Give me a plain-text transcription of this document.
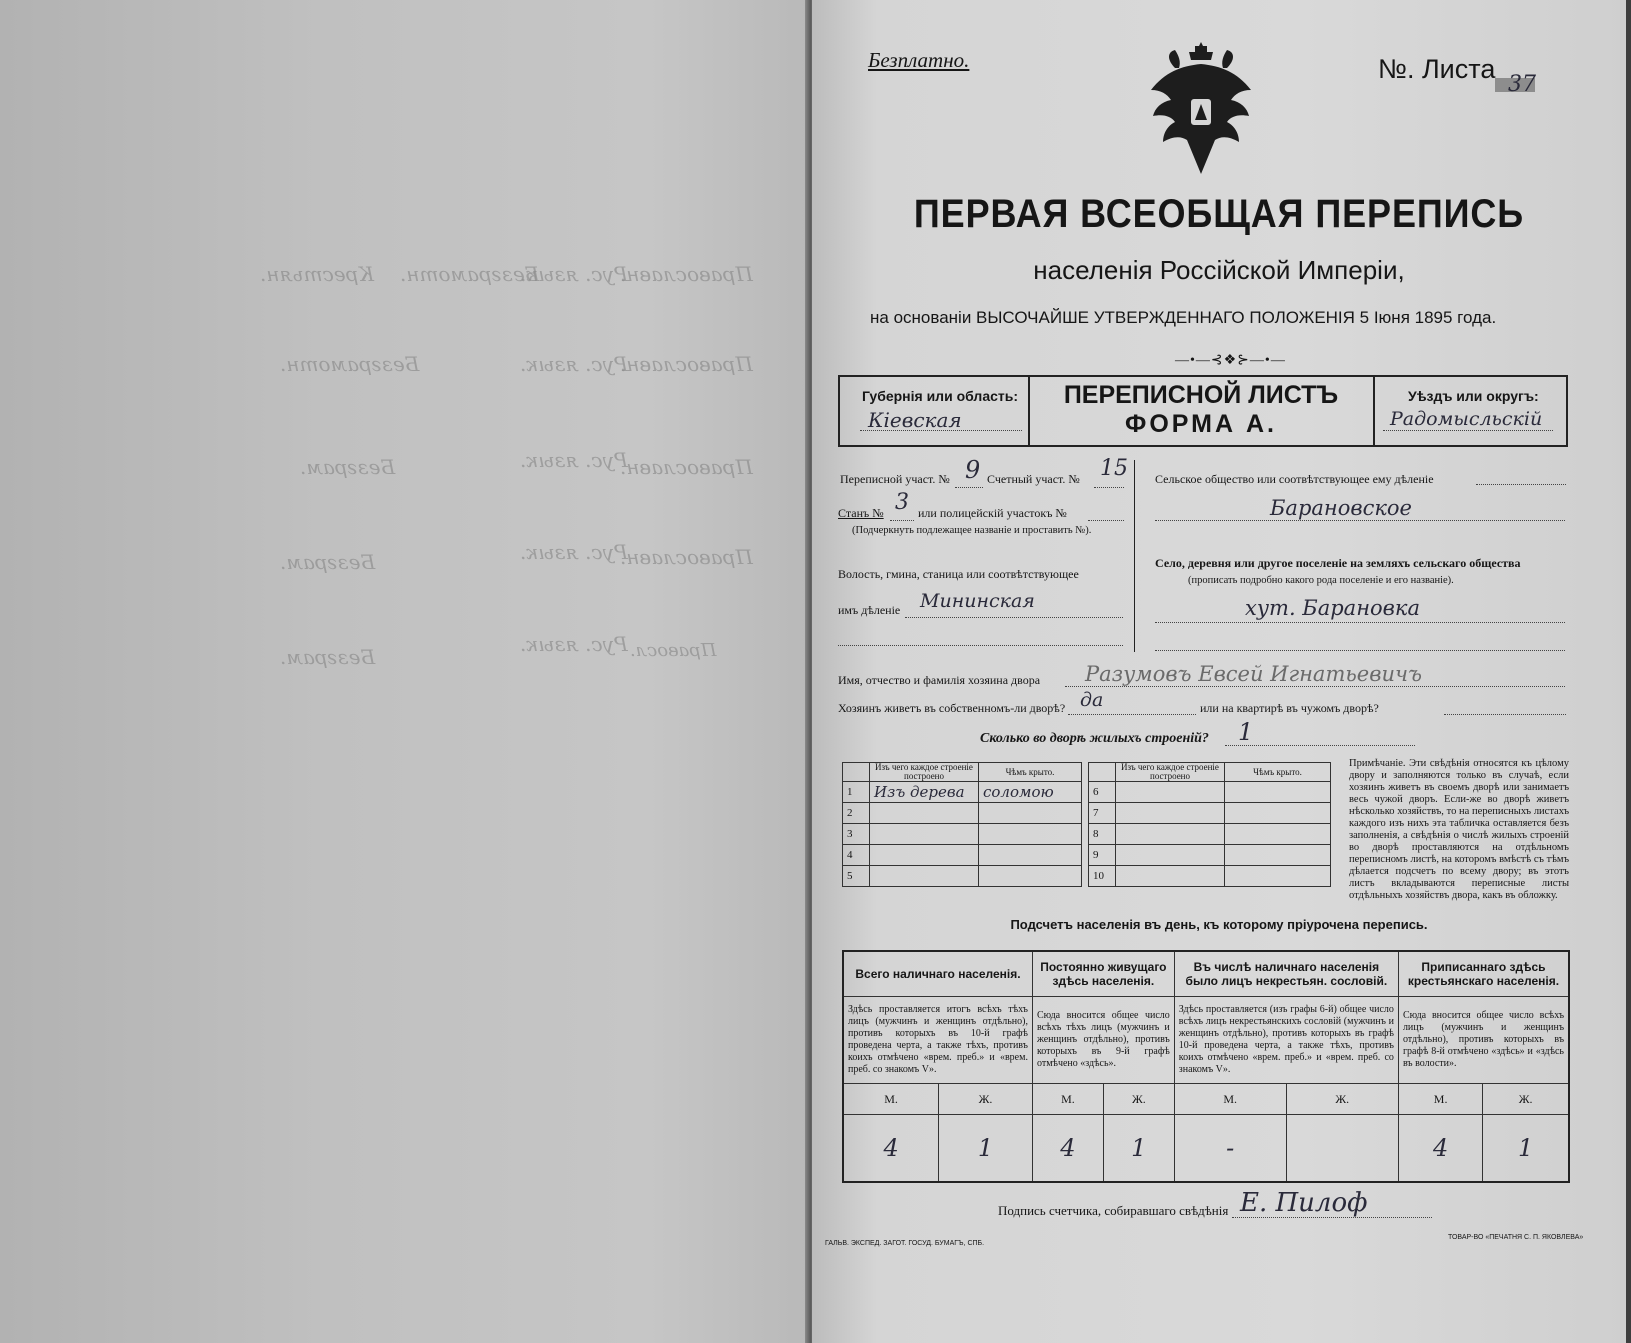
Православн.
Крестьян.	Рус. язык.
Безграмотн.
Православн.
Рус. язык.
Безграмотн.
Православн.
Рус. язык.
Безграм.
Православн.
Рус. язык.
Безграм.
Правосл.
Рус. язык.
Безграм.
Безплатно.	№. Листа
37
ПЕРВАЯ ВСЕОБЩАЯ ПЕРЕПИСЬ
населенія Россійской Имперіи,
на основаніи ВЫСОЧАЙШЕ УТВЕРЖДЕННАГО ПОЛОЖЕНІЯ 5 Іюня 1895 года.
—•—⊰❖⊱—•—
Губернія или область:
Кіевская
ПЕРЕПИСНОЙ ЛИСТЪ
ФОРМА А.
Уѣздъ или округъ:
Радомысльскій
Переписной участ. № 9 Счетный участ. № 15
Станъ № 3 или полицейскій участокъ №
(Подчеркнуть подлежащее названіе и проставить №).
Волость, гмина, станица или соотвѣтствующее
имъ дѣленіе Мининская
Сельское общество или соотвѣтствующее ему дѣленіе
Барановское
Село, деревня или другое поселеніе на земляхъ сельскаго общества
(прописать подробно какого рода поселеніе и его названіе).
хут. Барановка
Имя, отчество и фамилія хозяина двора Разумовъ Евсей Игнатьевичъ
Хозяинъ живетъ въ собственномъ-ли дворѣ? да	или на квартирѣ въ чужомъ дворѣ?
Сколько во дворѣ жилыхъ строеній? 1
	Изъ чего каждое строеніе построено	Чѣмъ крыто.
1	Изъ дерева	соломою
2		
3		
4		
5		
	Изъ чего каждое строеніе построено	Чѣмъ крыто.
6		
7		
8		
9		
10		
Примѣчаніе. Эти свѣдѣнія относятся къ цѣлому двору и заполняются только въ случаѣ, если хозяинъ живетъ въ своемъ дворѣ или занимаетъ весь чужой дворъ. Если-же во дворѣ живетъ нѣсколько хозяйствъ, то на переписныхъ листахъ каждого изъ нихъ эта табличка оставляется безъ заполненія, а свѣдѣнія о числѣ жилыхъ строеній во дворѣ проставляются на отдѣльномъ переписномъ листѣ, на которомъ вмѣстѣ съ тѣмъ дѣлается подсчетъ по всему двору; въ этотъ листъ вкладываются переписные листы отдѣльныхъ хозяйствъ двора, какъ въ обложку.
Подсчетъ населенія въ день, къ которому пріурочена перепись.
Всего наличнаго населенія.		Постоянно живущаго здѣсь населенія.		Въ числѣ наличнаго населенія было лицъ некрестьян. сословій.		Приписаннаго здѣсь крестьянскаго населенія.	
Здѣсь проставляется итогъ всѣхъ тѣхъ лицъ (мужчинъ и женщинъ отдѣльно), противъ которыхъ въ 10-й графѣ проведена черта, а также тѣхъ, противъ коихъ отмѣчено «врем. преб.» и «врем. преб. со знакомъ V».		Сюда вносится общее число всѣхъ тѣхъ лицъ (мужчинъ и женщинъ отдѣльно), противъ которыхъ въ 9-й графѣ отмѣчено «здѣсь».		Здѣсь проставляется (изъ графы 6-й) общее число всѣхъ лицъ некрестьянскихъ сословій (мужчинъ и женщинъ отдѣльно), противъ которыхъ въ графѣ 10-й проведена черта, а также тѣхъ, противъ коихъ отмѣчено «врем. преб.» и «врем. преб. со знакомъ V».		Сюда вносится общее число всѣхъ лицъ (мужчинъ и женщинъ отдѣльно), противъ которыхъ въ графѣ 8-й отмѣчено «здѣсь» и «здѣсь въ волости».	
М.	Ж.	М.	Ж.	М.	Ж.	М.	Ж.
4	1	4	1	-		4	1
Подпись счетчика, собиравшаго свѣдѣнія Е. Пилоф
ГАЛЬВ. ЭКСПЕД. ЗАГОТ. ГОСУД. БУМАГЪ, СПБ.
ТОВАР-ВО «ПЕЧАТНЯ С. П. ЯКОВЛЕВА»
